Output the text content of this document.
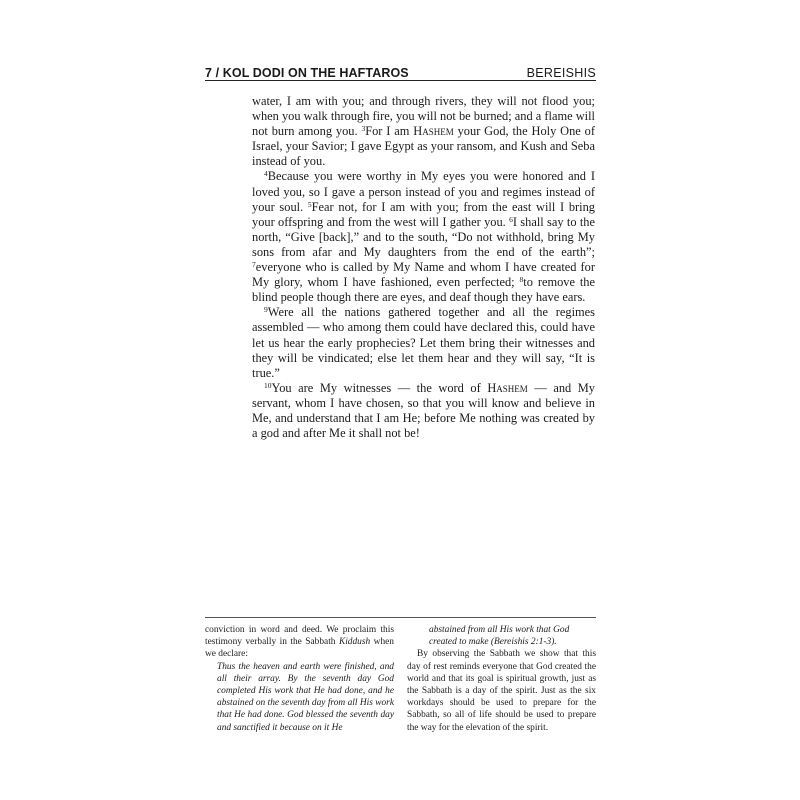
7 / KOL DODI ON THE HAFTAROS	BEREISHIS

water, I am with you; and through rivers, they will not flood you; when you walk through fire, you will not be burned; and a flame will not burn among you. $^3$For I am Hashem your God, the Holy One of Israel, your Savior; I gave Egypt as your ransom, and Kush and Seba instead of you.

$^4$Because you were worthy in My eyes you were honored and I loved you, so I gave a person instead of you and regimes instead of your soul. $^5$Fear not, for I am with you; from the east will I bring your offspring and from the west will I gather you. $^6$I shall say to the north, “Give [back],” and to the south, “Do not withhold, bring My sons from afar and My daughters from the end of the earth”; $^7$everyone who is called by My Name and whom I have created for My glory, whom I have fashioned, even perfected; $^8$to remove the blind people though there are eyes, and deaf though they have ears.

$^9$Were all the nations gathered together and all the regimes assembled — who among them could have declared this, could have let us hear the early prophecies? Let them bring their witnesses and they will be vindicated; else let them hear and they will say, “It is true.”

$^{10}$You are My witnesses — the word of Hashem — and My servant, whom I have chosen, so that you will know and believe in Me, and understand that I am He; before Me nothing was created by a god and after Me it shall not be!

conviction in word and deed. We proclaim this testimony verbally in the Sabbath Kiddush when we declare:

Thus the heaven and earth were finished, and all their array. By the seventh day God completed His work that He had done, and he abstained on the seventh day from all His work that He had done. God blessed the seventh day and sanctified it because on it He

abstained from all His work that God created to make (Bereishis 2:1-3).

By observing the Sabbath we show that this day of rest reminds everyone that God created the world and that its goal is spiritual growth, just as the Sabbath is a day of the spirit. Just as the six workdays should be used to prepare for the Sabbath, so all of life should be used to prepare the way for the elevation of the spirit.
